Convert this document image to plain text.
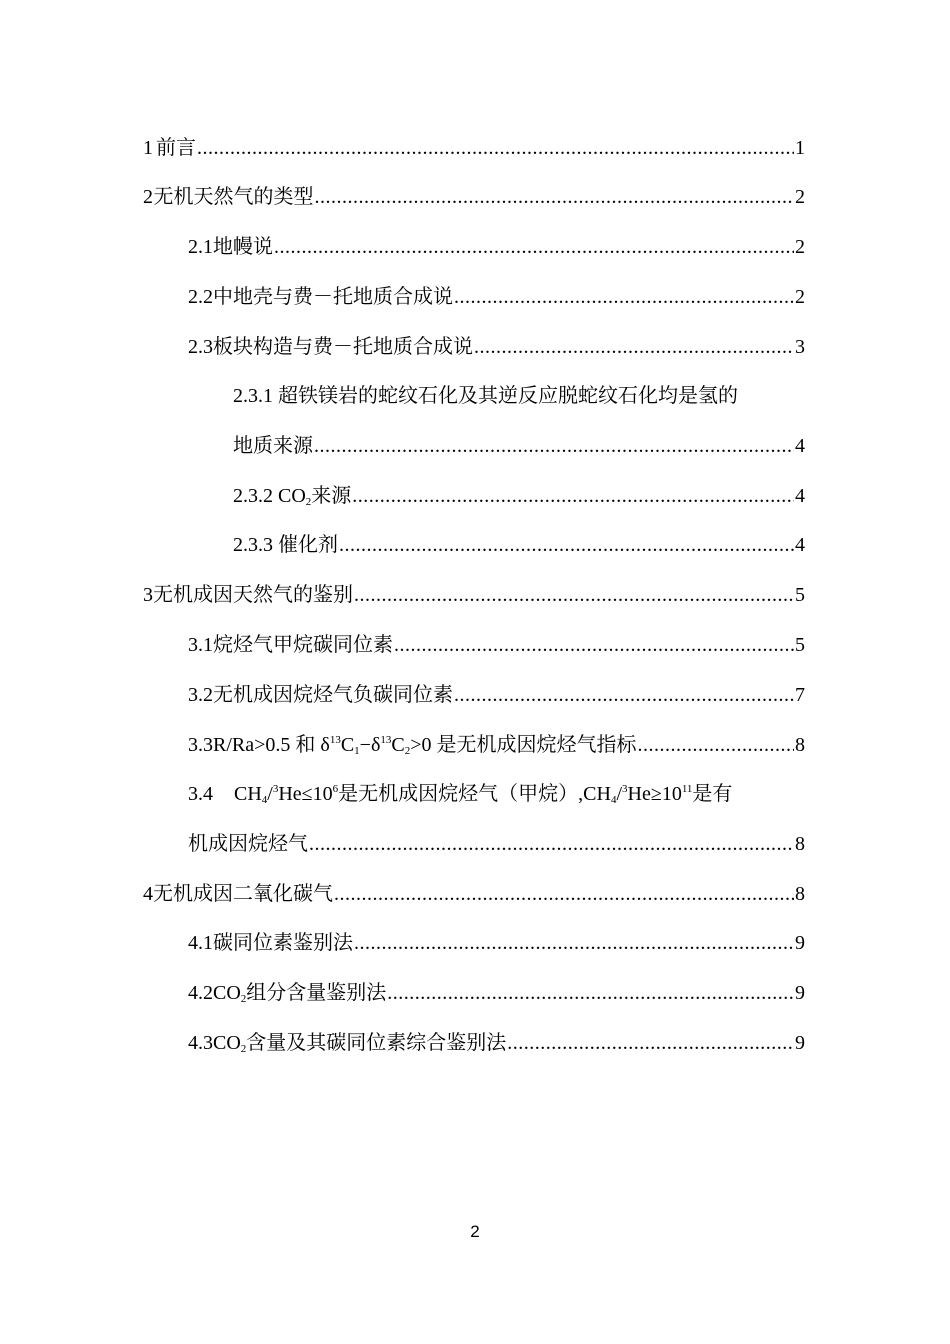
1 前言 .....	1
2 无机天然气的类型 .....	2
2.1 地幔说 .....	2
2.2 中地壳与费－托地质合成说 .....	2
2.3 板块构造与费－托地质合成说 .....	3
2.3.1 超铁镁岩的蛇纹石化及其逆反应脱蛇纹石化均是氢的
地质来源 .....	4
2.3.2 $CO_2$来源 .....	4
2.3.3 催化剂 .....	4
3 无机成因天然气的鉴别 .....	5
3.1 烷烃气甲烷碳同位素 .....	5
3.2 无机成因烷烃气负碳同位素 .....	7
3.3 R/Ra>0.5 和 $\delta^{13}C_1-\delta^{13}C_2>0$ 是无机成因烷烃气指标 .....	8
3.4 $CH_4/^3He\le 10^6$是无机成因烷烃气（甲烷）$,CH_4/^3He\ge 10^{11}$是有
机成因烷烃气 .....	8
4 无机成因二氧化碳气 .....	8
4.1 碳同位素鉴别法 .....	9
4.2 $CO_2$组分含量鉴别法 .....	9
4.3 $CO_2$含量及其碳同位素综合鉴别法 .....	9
2
